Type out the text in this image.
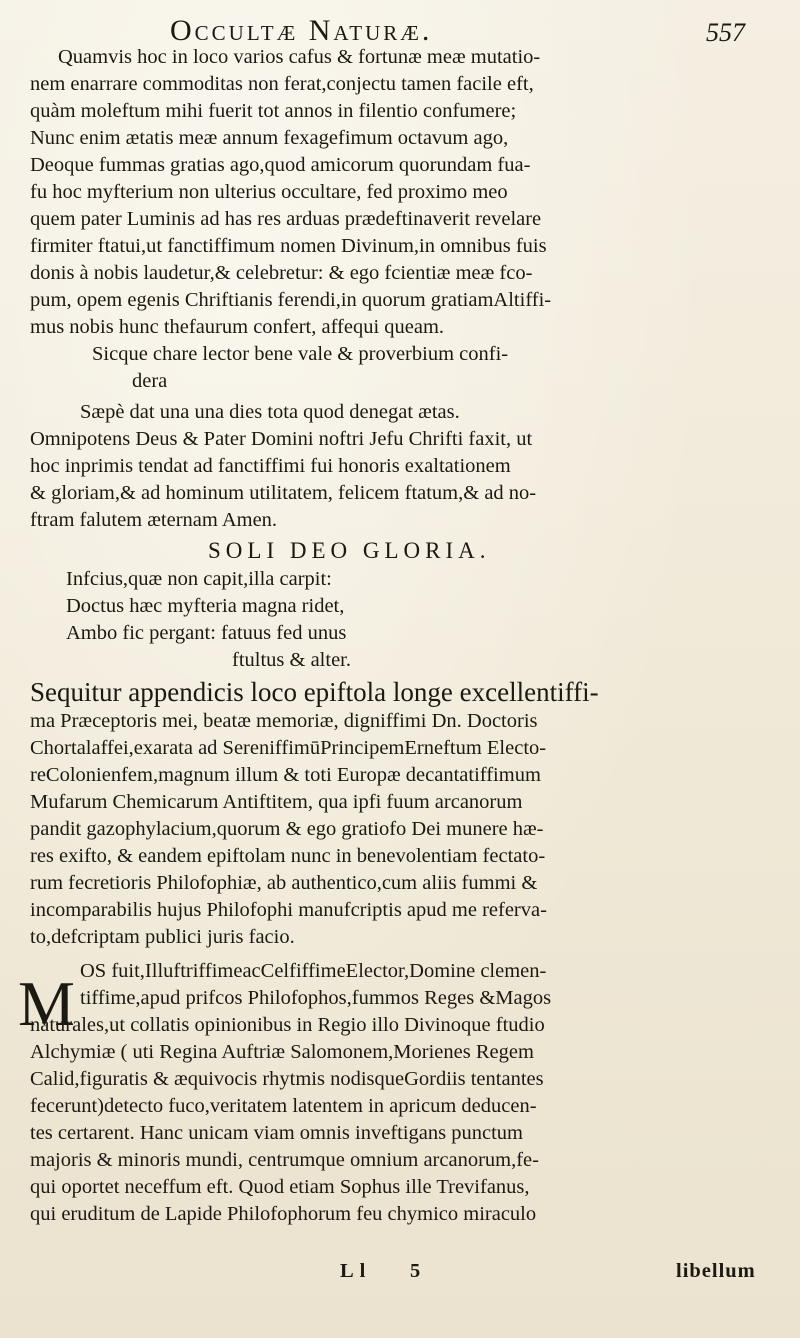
Occultæ Naturæ.	557
Quamvis hoc in loco varios cafus & fortunæ meæ mutatio-
nem enarrare commoditas non ferat,conjectu tamen facile eft,
quàm moleftum mihi fuerit tot annos in filentio confumere;
Nunc enim ætatis meæ annum fexagefimum octavum ago,
Deoque fummas gratias ago,quod amicorum quorundam fua-
fu hoc myfterium non ulterius occultare, fed proximo meo
quem pater Luminis ad has res arduas prædeftinaverit revelare
firmiter ftatui,ut fanctiffimum nomen Divinum,in omnibus fuis
donis à nobis laudetur,& celebretur: & ego fcientiæ meæ fco-
pum, opem egenis Chriftianis ferendi,in quorum gratiamAltiffi-
mus nobis hunc thefaurum confert, affequi queam.
Sicque chare lector bene vale & proverbium confi-
dera
Sæpè dat una una dies tota quod denegat ætas.
Omnipotens Deus & Pater Domini noftri Jefu Chrifti faxit, ut
hoc inprimis tendat ad fanctiffimi fui honoris exaltationem
& gloriam,& ad hominum utilitatem, felicem ftatum,& ad no-
ftram falutem æternam Amen.
SOLI DEO GLORIA.
Infcius,quæ non capit,illa carpit:
Doctus hæc myfteria magna ridet,
Ambo fic pergant: fatuus fed unus
ftultus & alter.
Sequitur appendicis loco epiftola longe excellentiffi-
ma Præceptoris mei, beatæ memoriæ, digniffimi Dn. Doctoris
Chortalaffei,exarata ad SereniffimūPrincipemErneftum Electo-
reColonienfem,magnum illum & toti Europæ decantatiffimum
Mufarum Chemicarum Antiftitem, qua ipfi fuum arcanorum
pandit gazophylacium,quorum & ego gratiofo Dei munere hæ-
res exifto, & eandem epiftolam nunc in benevolentiam fectato-
rum fecretioris Philofophiæ, ab authentico,cum aliis fummi &
incomparabilis hujus Philofophi manufcriptis apud me referva-
to,defcriptam publici juris facio.
M OS fuit,IlluftriffimeacCelfiffimeElector,Domine clemen-
tiffime,apud prifcos Philofophos,fummos Reges &Magos
naturales,ut collatis opinionibus in Regio illo Divinoque ftudio
Alchymiæ ( uti Regina Auftriæ Salomonem,Morienes Regem
Calid,figuratis & æquivocis rhytmis nodisqueGordiis tentantes
fecerunt)detecto fuco,veritatem latentem in apricum deducen-
tes certarent. Hanc unicam viam omnis inveftigans punctum
majoris & minoris mundi, centrumque omnium arcanorum,fe-
qui oportet neceffum eft. Quod etiam Sophus ille Trevifanus,
qui eruditum de Lapide Philofophorum feu chymico miraculo
L l 5	libellum
